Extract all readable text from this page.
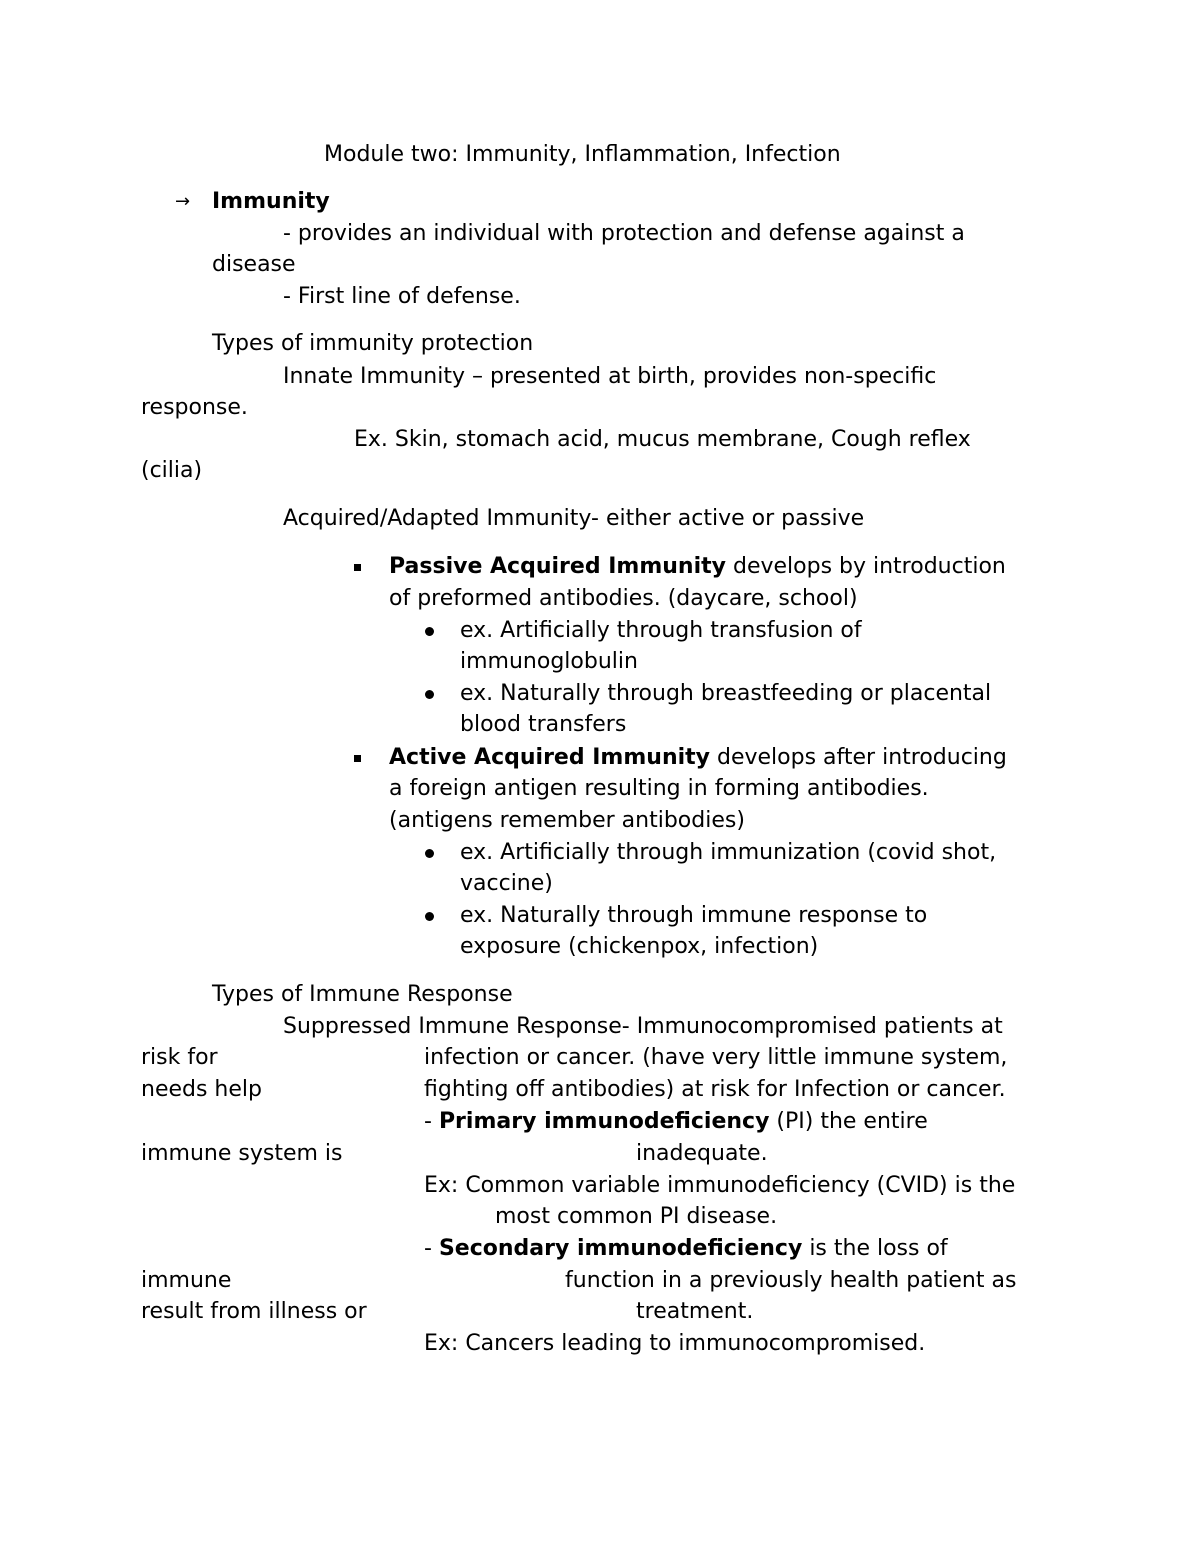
Module two: Immunity, Inflammation, Infection
→ Immunity
- provides an individual with protection and defense against a
disease
- First line of defense.
Types of immunity protection
Innate Immunity – presented at birth, provides non-specific
response.
Ex. Skin, stomach acid, mucus membrane, Cough reflex
(cilia)
Acquired/Adapted Immunity- either active or passive
Passive Acquired Immunity develops by introduction
of preformed antibodies. (daycare, school)
ex. Artificially through transfusion of
immunoglobulin
ex. Naturally through breastfeeding or placental
blood transfers
Active Acquired Immunity develops after introducing
a foreign antigen resulting in forming antibodies.
(antigens remember antibodies)
ex. Artificially through immunization (covid shot,
vaccine)
ex. Naturally through immune response to
exposure (chickenpox, infection)
Types of Immune Response
Suppressed Immune Response- Immunocompromised patients at
risk for	infection or cancer. (have very little immune system,
needs help	fighting off antibodies) at risk for Infection or cancer.
- Primary immunodeficiency (PI) the entire
immune system is	inadequate.
Ex: Common variable immunodeficiency (CVID) is the
most common PI disease.
- Secondary immunodeficiency is the loss of
immune	function in a previously health patient as
result from illness or	treatment.
Ex: Cancers leading to immunocompromised.
